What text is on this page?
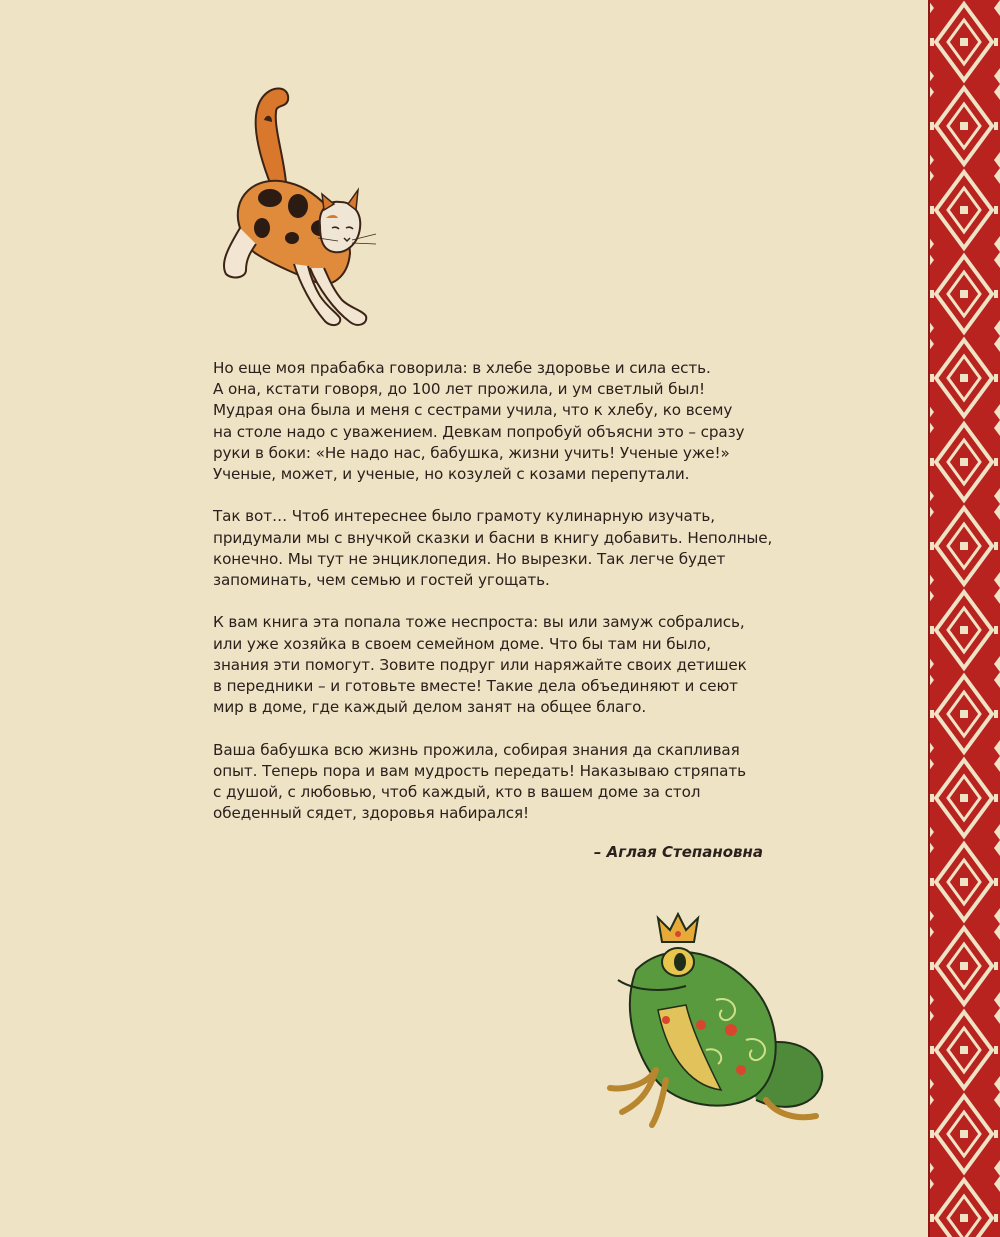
Но еще моя прабабка говорила: в хлебе здоровье и сила есть.
А она, кстати говоря, до 100 лет прожила, и ум светлый был!
Мудрая она была и меня с сестрами учила, что к хлебу, ко всему
на столе надо с уважением. Девкам попробуй объясни это – сразу
руки в боки: «Не надо нас, бабушка, жизни учить! Ученые уже!»
Ученые, может, и ученые, но козулей с козами перепутали.

Так вот… Чтоб интереснее было грамоту кулинарную изучать,
придумали мы с внучкой сказки и басни в книгу добавить. Неполные,
конечно. Мы тут не энциклопедия. Но вырезки. Так легче будет
запоминать, чем семью и гостей угощать.

К вам книга эта попала тоже неспроста: вы или замуж собрались,
или уже хозяйка в своем семейном доме. Что бы там ни было,
знания эти помогут. Зовите подруг или наряжайте своих детишек
в передники – и готовьте вместе! Такие дела объединяют и сеют
мир в доме, где каждый делом занят на общее благо.

Ваша бабушка всю жизнь прожила, собирая знания да скапливая
опыт. Теперь пора и вам мудрость передать! Наказываю стряпать
с душой, с любовью, чтоб каждый, кто в вашем доме за стол
обеденный сядет, здоровья набирался!

– Аглая Степановна
